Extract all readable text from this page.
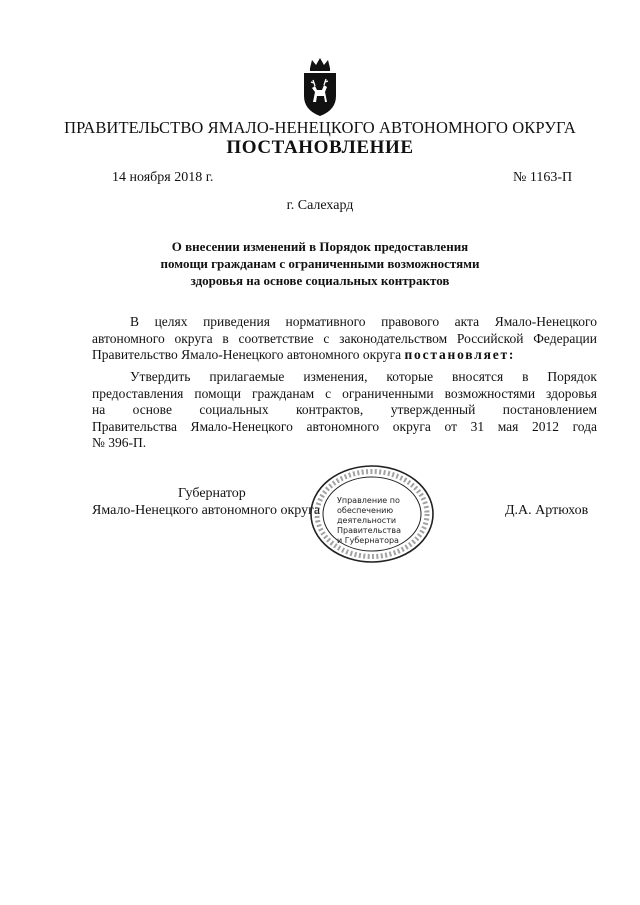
ПРАВИТЕЛЬСТВО ЯМАЛО-НЕНЕЦКОГО АВТОНОМНОГО ОКРУГА
ПОСТАНОВЛЕНИЕ
14 ноября 2018 г.	№ 1163-П
г. Салехард
О внесении изменений в Порядок предоставления
помощи гражданам с ограниченными возможностями
здоровья на основе социальных контрактов
В целях приведения нормативного правового акта Ямало-Ненецкого
автономного округа в соответствие с законодательством Российской Федерации
Правительство Ямало-Ненецкого автономного округа постановляет:
Утвердить прилагаемые изменения, которые вносятся в Порядок
предоставления помощи гражданам с ограниченными возможностями здоровья
на основе социальных контрактов, утвержденный постановлением
Правительства Ямало-Ненецкого автономного округа от 31 мая 2012 года
№ 396-П.
Губернатор
Ямало-Ненецкого автономного округа	Д.А. Артюхов
Управление по
обеспечению
деятельности
Правительства
и Губернатора
